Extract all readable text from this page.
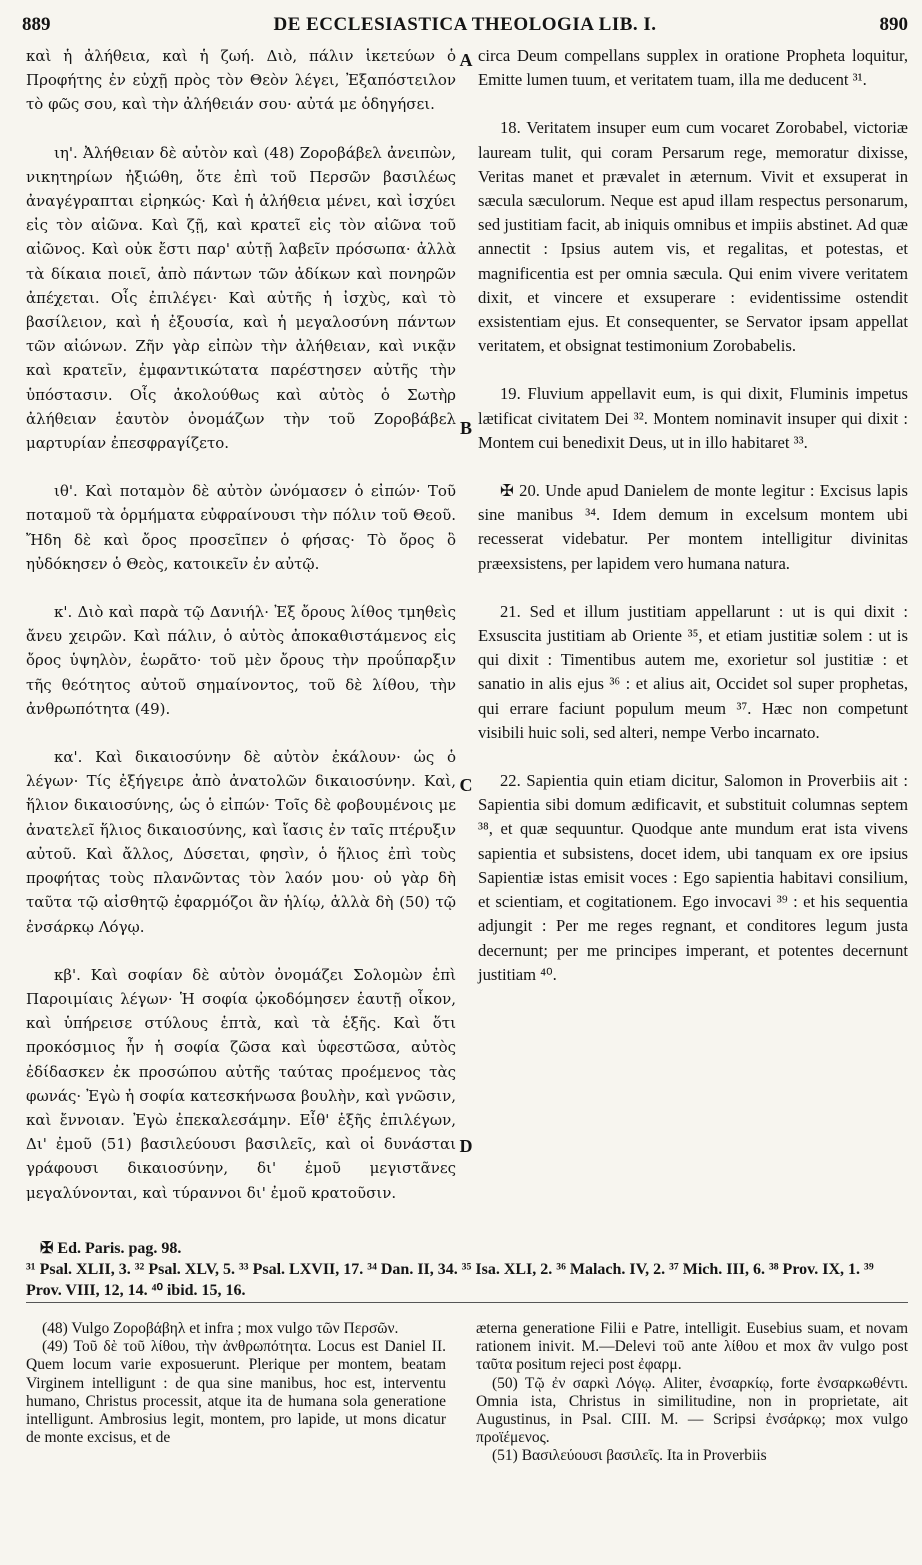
889	DE ECCLESIASTICA THEOLOGIA LIB. I.	890

καὶ ἡ ἀλήθεια, καὶ ἡ ζωή. Διὸ, πάλιν ἱκετεύων ὁ Προφήτης ἐν εὐχῇ πρὸς τὸν Θεὸν λέγει, Ἐξαπόστειλον τὸ φῶς σου, καὶ τὴν ἀλήθειάν σου· αὐτά με ὁδηγήσει.

ιη'. Ἀλήθειαν δὲ αὐτὸν καὶ (48) Ζοροβάβελ ἀνειπὼν, νικητηρίων ἠξιώθη, ὅτε ἐπὶ τοῦ Περσῶν βασιλέως ἀναγέγραπται εἰρηκώς· Καὶ ἡ ἀλήθεια μένει, καὶ ἰσχύει εἰς τὸν αἰῶνα. Καὶ ζῇ, καὶ κρατεῖ εἰς τὸν αἰῶνα τοῦ αἰῶνος. Καὶ οὐκ ἔστι παρ' αὐτῇ λαβεῖν πρόσωπα· ἀλλὰ τὰ δίκαια ποιεῖ, ἀπὸ πάντων τῶν ἀδίκων καὶ πονηρῶν ἀπέχεται. Οἷς ἐπιλέγει· Καὶ αὐτῆς ἡ ἰσχὺς, καὶ τὸ βασίλειον, καὶ ἡ ἐξουσία, καὶ ἡ μεγαλοσύνη πάντων τῶν αἰώνων. Ζῆν γὰρ εἰπὼν τὴν ἀλήθειαν, καὶ νικᾷν καὶ κρατεῖν, ἐμφαντικώτατα παρέστησεν αὐτῆς τὴν ὑπόστασιν. Οἷς ἀκολούθως καὶ αὐτὸς ὁ Σωτὴρ ἀλήθειαν ἑαυτὸν ὀνομάζων τὴν τοῦ Ζοροβάβελ μαρτυρίαν ἐπεσφραγίζετο.

ιθ'. Καὶ ποταμὸν δὲ αὐτὸν ὠνόμασεν ὁ εἰπών· Τοῦ ποταμοῦ τὰ ὁρμήματα εὐφραίνουσι τὴν πόλιν τοῦ Θεοῦ. Ἤδη δὲ καὶ ὄρος προσεῖπεν ὁ φήσας· Τὸ ὄρος ὃ ηὐδόκησεν ὁ Θεὸς, κατοικεῖν ἐν αὐτῷ.

κ'. Διὸ καὶ παρὰ τῷ Δανιήλ· Ἐξ ὄρους λίθος τμηθεὶς ἄνευ χειρῶν. Καὶ πάλιν, ὁ αὐτὸς ἀποκαθιστάμενος εἰς ὄρος ὑψηλὸν, ἑωρᾶτο· τοῦ μὲν ὄρους τὴν προΰπαρξιν τῆς θεότητος αὐτοῦ σημαίνοντος, τοῦ δὲ λίθου, τὴν ἀνθρωπότητα (49).

κα'. Καὶ δικαιοσύνην δὲ αὐτὸν ἐκάλουν· ὡς ὁ λέγων· Τίς ἐξήγειρε ἀπὸ ἀνατολῶν δικαιοσύνην. Καὶ, ἥλιον δικαιοσύνης, ὡς ὁ εἰπών· Τοῖς δὲ φοβουμένοις με ἀνατελεῖ ἥλιος δικαιοσύνης, καὶ ἴασις ἐν ταῖς πτέρυξιν αὐτοῦ. Καὶ ἄλλος, Δύσεται, φησὶν, ὁ ἥλιος ἐπὶ τοὺς προφήτας τοὺς πλανῶντας τὸν λαόν μου· οὐ γὰρ δὴ ταῦτα τῷ αἰσθητῷ ἐφαρμόζοι ἂν ἡλίῳ, ἀλλὰ δὴ (50) τῷ ἐνσάρκῳ Λόγῳ.

κβ'. Καὶ σοφίαν δὲ αὐτὸν ὀνομάζει Σολομὼν ἐπὶ Παροιμίαις λέγων· Ἡ σοφία ᾠκοδόμησεν ἑαυτῇ οἶκον, καὶ ὑπήρεισε στύλους ἑπτὰ, καὶ τὰ ἑξῆς. Καὶ ὅτι προκόσμιος ἦν ἡ σοφία ζῶσα καὶ ὑφεστῶσα, αὐτὸς ἐδίδασκεν ἐκ προσώπου αὐτῆς ταύτας προέμενος τὰς φωνάς· Ἐγὼ ἡ σοφία κατεσκήνωσα βουλὴν, καὶ γνῶσιν, καὶ ἔννοιαν. Ἐγὼ ἐπεκαλεσάμην. Εἶθ' ἑξῆς ἐπιλέγων, Δι' ἐμοῦ (51) βασιλεύουσι βασιλεῖς, καὶ οἱ δυνάσται γράφουσι δικαιοσύνην, δι' ἐμοῦ μεγιστᾶνες μεγαλύνονται, καὶ τύραννοι δι' ἐμοῦ κρατοῦσιν.

A
B
C
D

circa Deum compellans supplex in oratione Propheta loquitur, Emitte lumen tuum, et veritatem tuam, illa me deducent ³¹.

18. Veritatem insuper eum cum vocaret Zorobabel, victoriæ lauream tulit, qui coram Persarum rege, memoratur dixisse, Veritas manet et prævalet in æternum. Vivit et exsuperat in sæcula sæculorum. Neque est apud illam respectus personarum, sed justitiam facit, ab iniquis omnibus et impiis abstinet. Ad quæ annectit : Ipsius autem vis, et regalitas, et potestas, et magnificentia est per omnia sæcula. Qui enim vivere veritatem dixit, et vincere et exsuperare : evidentissime ostendit exsistentiam ejus. Et consequenter, se Servator ipsam appellat veritatem, et obsignat testimonium Zorobabelis.

19. Fluvium appellavit eum, is qui dixit, Fluminis impetus lætificat civitatem Dei ³². Montem nominavit insuper qui dixit : Montem cui benedixit Deus, ut in illo habitaret ³³.

✠ 20. Unde apud Danielem de monte legitur : Excisus lapis sine manibus ³⁴. Idem demum in excelsum montem ubi recesserat videbatur. Per montem intelligitur divinitas præexsistens, per lapidem vero humana natura.

21. Sed et illum justitiam appellarunt : ut is qui dixit : Exsuscita justitiam ab Oriente ³⁵, et etiam justitiæ solem : ut is qui dixit : Timentibus autem me, exorietur sol justitiæ : et sanatio in alis ejus ³⁶ : et alius ait, Occidet sol super prophetas, qui errare faciunt populum meum ³⁷. Hæc non competunt visibili huic soli, sed alteri, nempe Verbo incarnato.

22. Sapientia quin etiam dicitur, Salomon in Proverbiis ait : Sapientia sibi domum ædificavit, et substituit columnas septem ³⁸, et quæ sequuntur. Quodque ante mundum erat ista vivens sapientia et subsistens, docet idem, ubi tanquam ex ore ipsius Sapientiæ istas emisit voces : Ego sapientia habitavi consilium, et scientiam, et cogitationem. Ego invocavi ³⁹ : et his sequentia adjungit : Per me reges regnant, et conditores legum justa decernunt; per me principes imperant, et potentes decernunt justitiam ⁴⁰.

✠ Ed. Paris. pag. 98.

³¹ Psal. XLII, 3. ³² Psal. XLV, 5. ³³ Psal. LXVII, 17. ³⁴ Dan. II, 34. ³⁵ Isa. XLI, 2. ³⁶ Malach. IV, 2. ³⁷ Mich. III, 6. ³⁸ Prov. IX, 1. ³⁹ Prov. VIII, 12, 14. ⁴⁰ ibid. 15, 16.

(48) Vulgo Ζοροβάβηλ et infra ; mox vulgo τῶν Περσῶν.

(49) Τοῦ δὲ τοῦ λίθου, τὴν ἀνθρωπότητα. Locus est Daniel II. Quem locum varie exposuerunt. Plerique per montem, beatam Virginem intelligunt : de qua sine manibus, hoc est, interventu humano, Christus processit, atque ita de humana sola generatione intelligunt. Ambrosius legit, montem, pro lapide, ut mons dicatur de monte excisus, et de

æterna generatione Filii e Patre, intelligit. Eusebius suam, et novam rationem inivit. M.—Delevi τοῦ ante λίθου et mox ἂν vulgo post ταῦτα positum rejeci post ἐφαρμ.

(50) Τῷ ἐν σαρκὶ Λόγῳ. Aliter, ἐνσαρκίῳ, forte ἐνσαρκωθέντι. Omnia ista, Christus in similitudine, non in proprietate, ait Augustinus, in Psal. CIII. M. — Scripsi ἐνσάρκῳ; mox vulgo προϊέμενος.

(51) Βασιλεύουσι βασιλεῖς. Ita in Proverbiis
